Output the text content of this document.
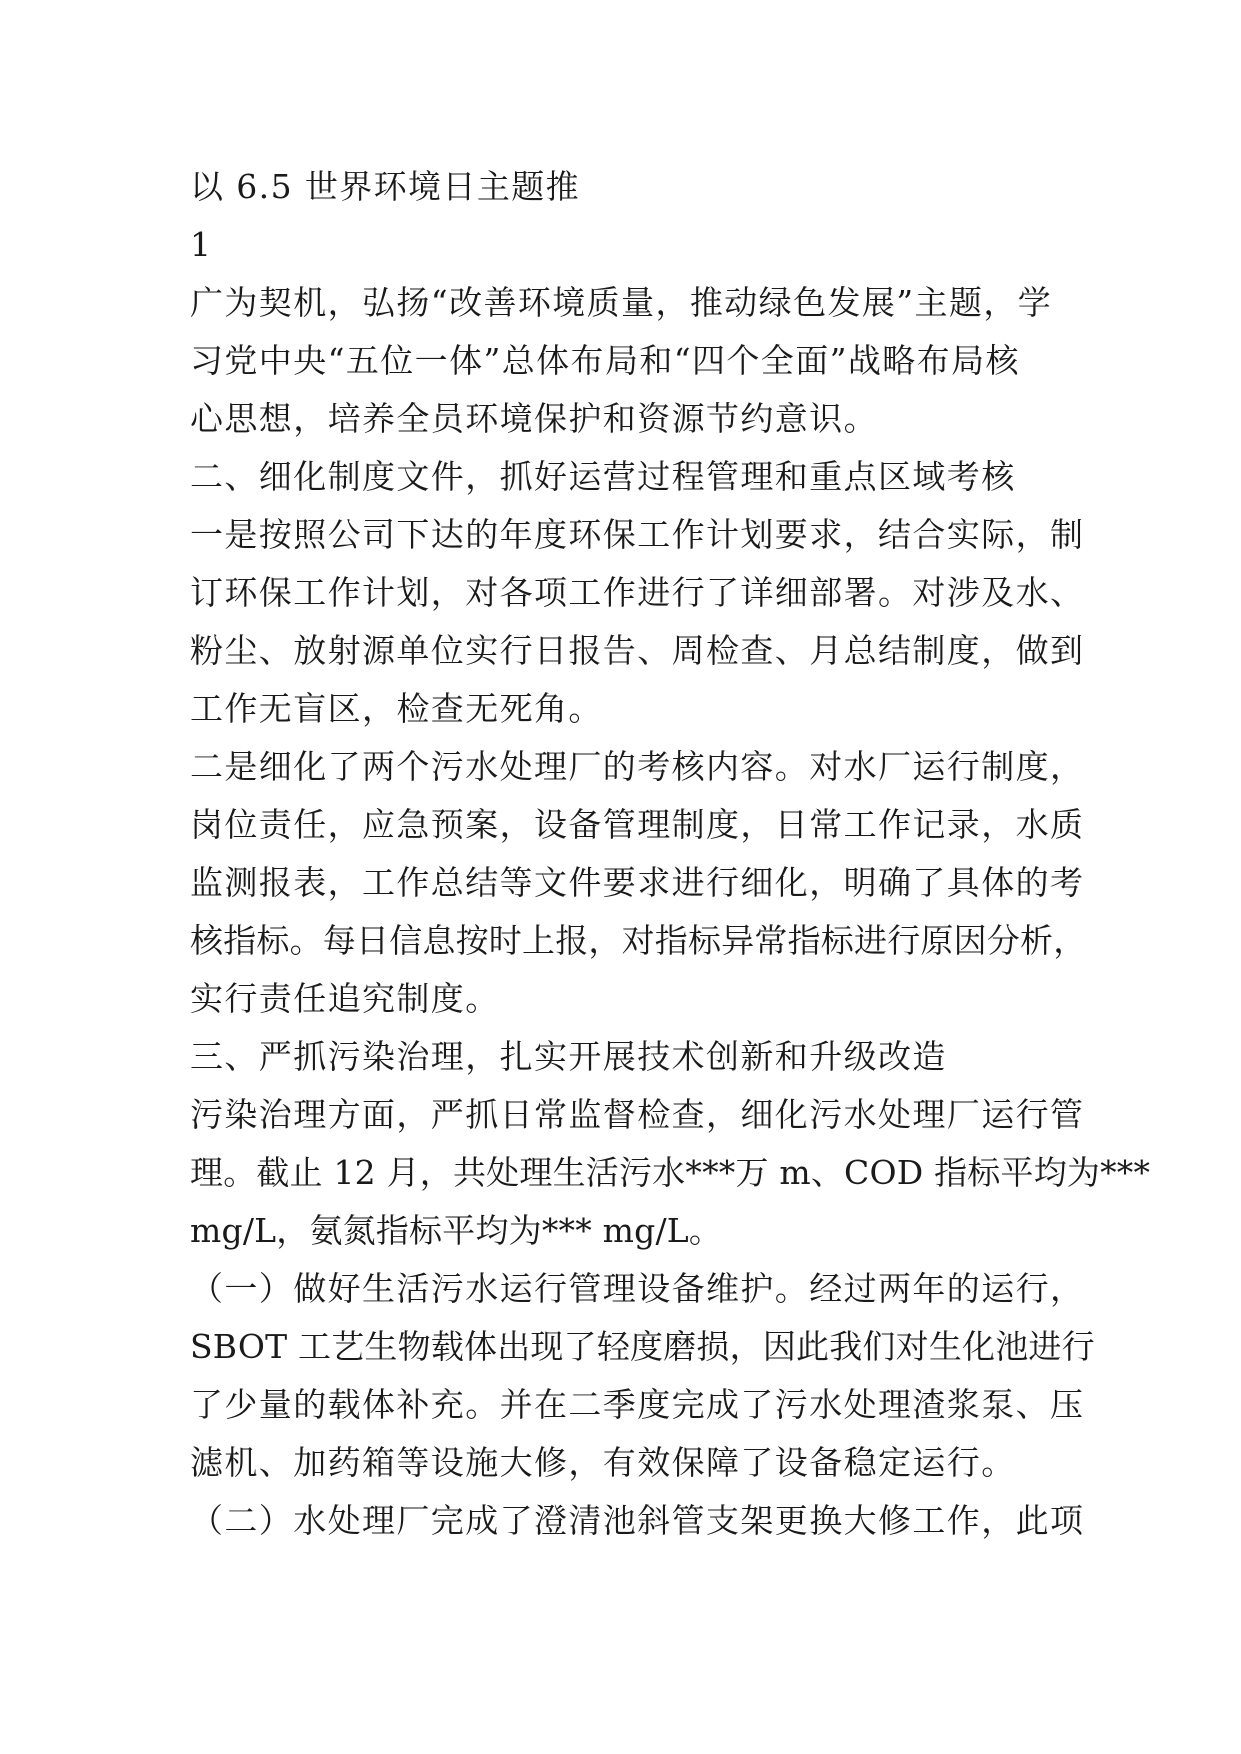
以 6.5 世界环境日主题推
1
广为契机，弘扬“改善环境质量，推动绿色发展”主题，学
习党中央“五位一体”总体布局和“四个全面”战略布局核
心思想，培养全员环境保护和资源节约意识。
二、细化制度文件，抓好运营过程管理和重点区域考核
一是按照公司下达的年度环保工作计划要求，结合实际，制
订环保工作计划，对各项工作进行了详细部署。对涉及水、
粉尘、放射源单位实行日报告、周检查、月总结制度，做到
工作无盲区，检查无死角。
二是细化了两个污水处理厂的考核内容。对水厂运行制度，
岗位责任，应急预案，设备管理制度，日常工作记录，水质
监测报表，工作总结等文件要求进行细化，明确了具体的考
核指标。每日信息按时上报，对指标异常指标进行原因分析，
实行责任追究制度。
三、严抓污染治理，扎实开展技术创新和升级改造
污染治理方面，严抓日常监督检查，细化污水处理厂运行管
理。截止 12 月，共处理生活污水***万 m、COD 指标平均为***
mg/L，氨氮指标平均为*** mg/L。
（一）做好生活污水运行管理设备维护。经过两年的运行，
SBOT 工艺生物载体出现了轻度磨损，因此我们对生化池进行
了少量的载体补充。并在二季度完成了污水处理渣浆泵、压
滤机、加药箱等设施大修，有效保障了设备稳定运行。
（二）水处理厂完成了澄清池斜管支架更换大修工作，此项
